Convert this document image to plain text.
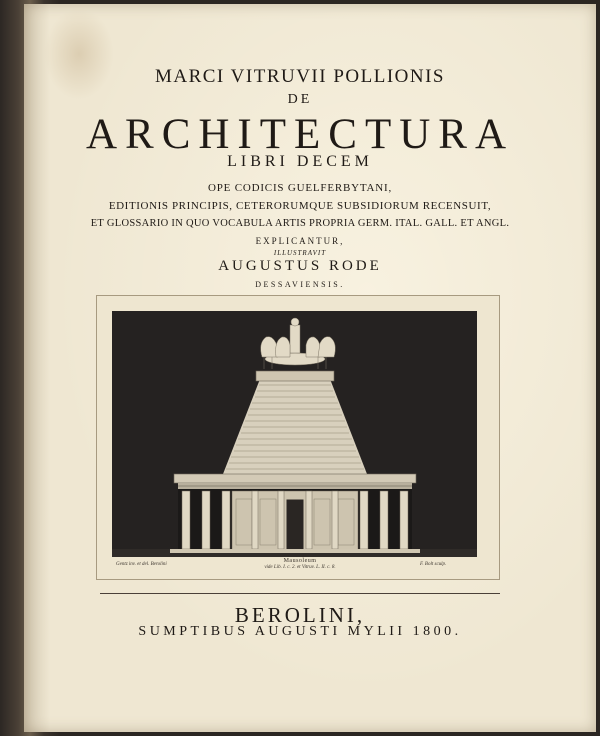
MARCI VITRUVII POLLIONIS
DE
ARCHITECTURA
LIBRI DECEM
OPE CODICIS GUELFERBYTANI,
EDITIONIS PRINCIPIS, CETERORUMQUE SUBSIDIORUM RECENSUIT,
ET GLOSSARIO IN QUO VOCABULA ARTIS PROPRIA GERM. ITAL. GALL. ET ANGL.
EXPLICANTUR,
ILLUSTRAVIT
AUGUSTUS RODE
DESSAVIENSIS.
Gentz inv. et del. Berolini
Mausoleum
vide Lib. I. c. 2. et Vitruv. L. II. c. 8.
F. Bolt sculp.
BEROLINI,
SUMPTIBUS AUGUSTI MYLII 1800.
